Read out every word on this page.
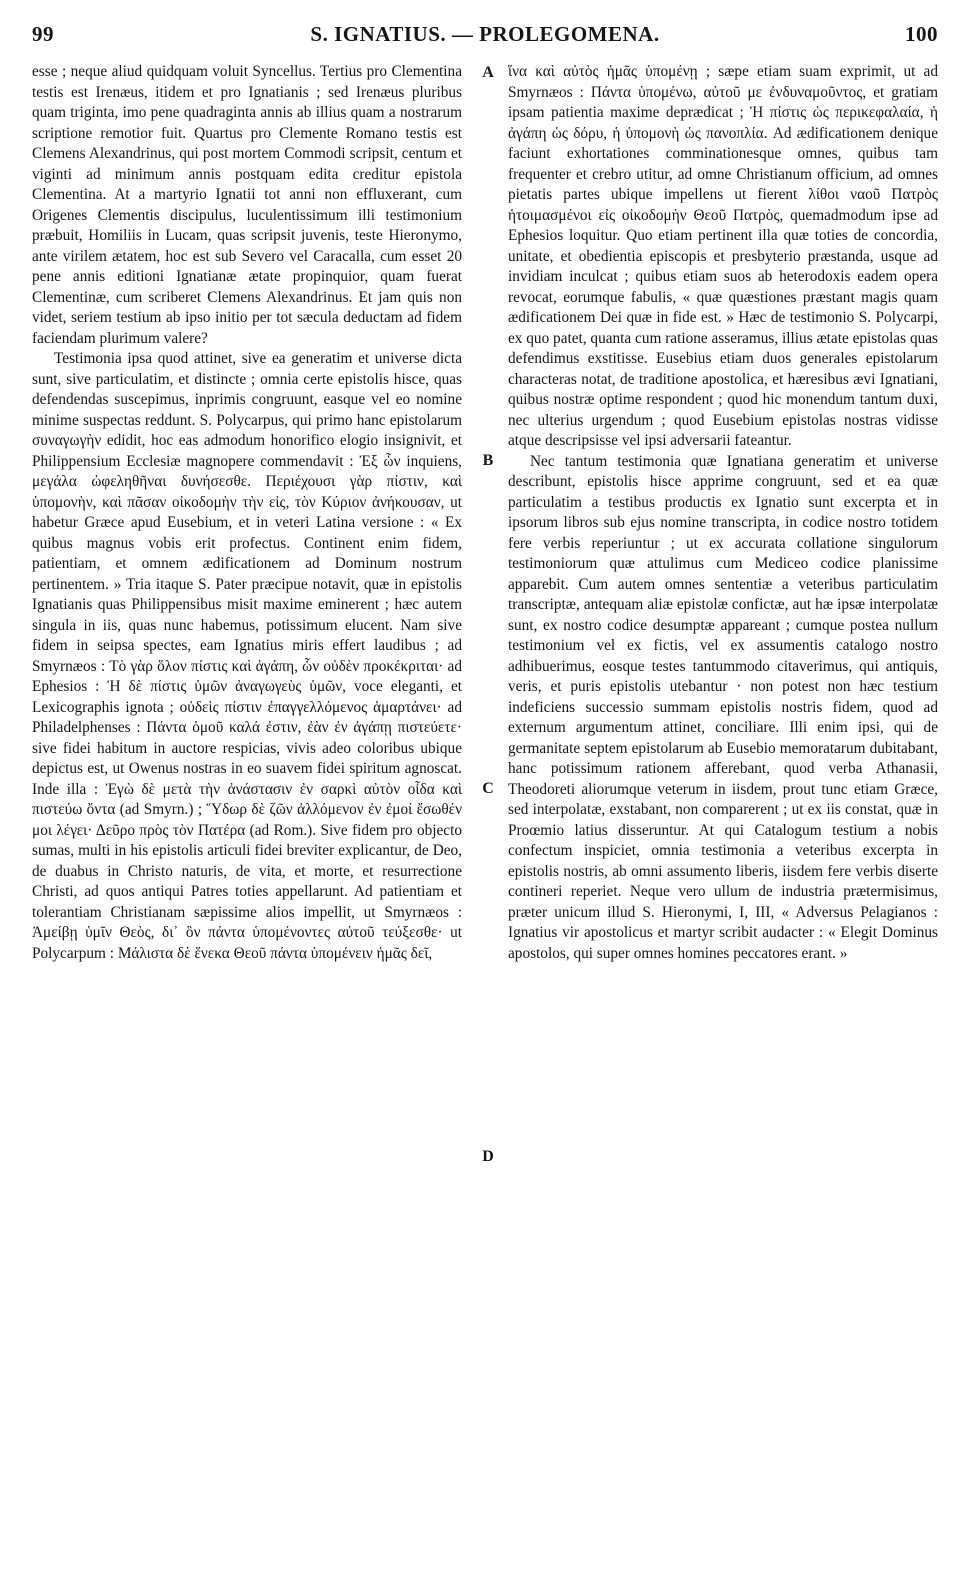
99	S. IGNATIUS. — PROLEGOMENA.	100

esse ; neque aliud quidquam voluit Syncellus. Tertius pro Clementina testis est Irenæus, itidem et pro Ignatianis ; sed Irenæus pluribus quam triginta, imo pene quadraginta annis ab illius quam a nostrarum scriptione remotior fuit. Quartus pro Clemente Romano testis est Clemens Alexandrinus, qui post mortem Commodi scripsit, centum et viginti ad minimum annis postquam edita creditur epistola Clementina. At a martyrio Ignatii tot anni non effluxerant, cum Origenes Clementis discipulus, luculentissimum illi testimonium præbuit, Homiliis in Lucam, quas scripsit juvenis, teste Hieronymo, ante virilem ætatem, hoc est sub Severo vel Caracalla, cum esset 20 pene annis editioni Ignatianæ ætate propinquior, quam fuerat Clementinæ, cum scriberet Clemens Alexandrinus. Et jam quis non videt, seriem testium ab ipso initio per tot sæcula deductam ad fidem faciendam plurimum valere?

Testimonia ipsa quod attinet, sive ea generatim et universe dicta sunt, sive particulatim, et distincte ; omnia certe epistolis hisce, quas defendendas suscepimus, inprimis congruunt, easque vel eo nomine minime suspectas reddunt. S. Polycarpus, qui primo hanc epistolarum συναγωγὴν edidit, hoc eas admodum honorifico elogio insignivit, et Philippensium Ecclesiæ magnopere commendavit : Ἐξ ὧν inquiens, μεγάλα ὠφεληθῆναι δυνήσεσθε. Περιέχουσι γὰρ πίστιν, καὶ ὑπομονὴν, καὶ πᾶσαν οἰκοδομὴν τὴν εἰς, τὸν Κύριον ἀνήκουσαν, ut habetur Græce apud Eusebium, et in veteri Latina versione : « Ex quibus magnus vobis erit profectus. Continent enim fidem, patientiam, et omnem ædificationem ad Dominum nostrum pertinentem. » Tria itaque S. Pater præcipue notavit, quæ in epistolis Ignatianis quas Philippensibus misit maxime eminerent ; hæc autem singula in iis, quas nunc habemus, potissimum elucent. Nam sive fidem in seipsa spectes, eam Ignatius miris effert laudibus ; ad Smyrnæos : Τὸ γὰρ ὅλον πίστις καὶ ἀγάπη, ὧν οὐδὲν προκέκριται· ad Ephesios : Ἡ δὲ πίστις ὑμῶν ἀναγωγεὺς ὑμῶν, voce eleganti, et Lexicographis ignota ; οὐδεὶς πίστιν ἐπαγγελλόμενος ἁμαρτάνει· ad Philadelphenses : Πάντα ὁμοῦ καλά ἐστιν, ἐὰν ἐν ἀγάπῃ πιστεύετε· sive fidei habitum in auctore respicias, vivis adeo coloribus ubique depictus est, ut Owenus nostras in eo suavem fidei spiritum agnoscat. Inde illa : Ἐγὼ δὲ μετὰ τὴν ἀνάστασιν ἐν σαρκὶ αὐτὸν οἶδα καὶ πιστεύω ὄντα (ad Smyrn.) ; Ὕδωρ δὲ ζῶν ἀλλόμενον ἐν ἐμοί ἔσωθέν μοι λέγει· Δεῦρο πρὸς τὸν Πατέρα (ad Rom.). Sive fidem pro objecto sumas, multi in his epistolis articuli fidei breviter explicantur, de Deo, de duabus in Christo naturis, de vita, et morte, et resurrectione Christi, ad quos antiqui Patres toties appellarunt. Ad patientiam et tolerantiam Christianam sæpissime alios impellit, ut Smyrnæos : Ἀμείβῃ ὑμῖν Θεὸς, δι᾽ ὃν πάντα ὑπομένοντες αὐτοῦ τεύξεσθε· ut Polycarpum : Μάλιστα δὲ ἕνεκα Θεοῦ πάντα ὑπομένειν ἡμᾶς δεῖ,

A
B
C
D

ἵνα καὶ αὐτὸς ἡμᾶς ὑπομένῃ ; sæpe etiam suam exprimit, ut ad Smyrnæos : Πάντα ὑπομένω, αὐτοῦ με ἐνδυναμοῦντος, et gratiam ipsam patientia maxime deprædicat ; Ἡ πίστις ὡς περικεφαλαία, ἡ ἀγάπη ὡς δόρυ, ἡ ὑπομονὴ ὡς πανοπλία. Ad ædificationem denique faciunt exhortationes comminationesque omnes, quibus tam frequenter et crebro utitur, ad omne Christianum officium, ad omnes pietatis partes ubique impellens ut fierent λίθοι ναοῦ Πατρὸς ἡτοιμασμένοι εἰς οἰκοδομὴν Θεοῦ Πατρὸς, quemadmodum ipse ad Ephesios loquitur. Quo etiam pertinent illa quæ toties de concordia, unitate, et obedientia episcopis et presbyterio præstanda, usque ad invidiam inculcat ; quibus etiam suos ab heterodoxis eadem opera revocat, eorumque fabulis, « quæ quæstiones præstant magis quam ædificationem Dei quæ in fide est. » Hæc de testimonio S. Polycarpi, ex quo patet, quanta cum ratione asseramus, illius ætate epistolas quas defendimus exstitisse. Eusebius etiam duos generales epistolarum characteras notat, de traditione apostolica, et hæresibus ævi Ignatiani, quibus nostræ optime respondent ; quod hic monendum tantum duxi, nec ulterius urgendum ; quod Eusebium epistolas nostras vidisse atque descripsisse vel ipsi adversarii fateantur.

Nec tantum testimonia quæ Ignatiana generatim et universe describunt, epistolis hisce apprime congruunt, sed et ea quæ particulatim a testibus productis ex Ignatio sunt excerpta et in ipsorum libros sub ejus nomine transcripta, in codice nostro totidem fere verbis reperiuntur ; ut ex accurata collatione singulorum testimoniorum quæ attulimus cum Mediceo codice planissime apparebit. Cum autem omnes sententiæ a veteribus particulatim transcriptæ, antequam aliæ epistolæ confictæ, aut hæ ipsæ interpolatæ sunt, ex nostro codice desumptæ appareant ; cumque postea nullum testimonium vel ex fictis, vel ex assumentis catalogo nostro adhibuerimus, eosque testes tantummodo citaverimus, qui antiquis, veris, et puris epistolis utebantur · non potest non hæc testium indeficiens successio summam epistolis nostris fidem, quod ad externum argumentum attinet, conciliare. Illi enim ipsi, qui de germanitate septem epistolarum ab Eusebio memoratarum dubitabant, hanc potissimum rationem afferebant, quod verba Athanasii, Theodoreti aliorumque veterum in iisdem, prout tunc etiam Græce, sed interpolatæ, exstabant, non comparerent ; ut ex iis constat, quæ in Proœmio latius disseruntur. At qui Catalogum testium a nobis confectum inspiciet, omnia testimonia a veteribus excerpta in epistolis nostris, ab omni assumento liberis, iisdem fere verbis diserte contineri reperiet. Neque vero ullum de industria prætermisimus, præter unicum illud S. Hieronymi, I, III, « Adversus Pelagianos : Ignatius vir apostolicus et martyr scribit audacter : « Elegit Dominus apostolos, qui super omnes homines peccatores erant. »
